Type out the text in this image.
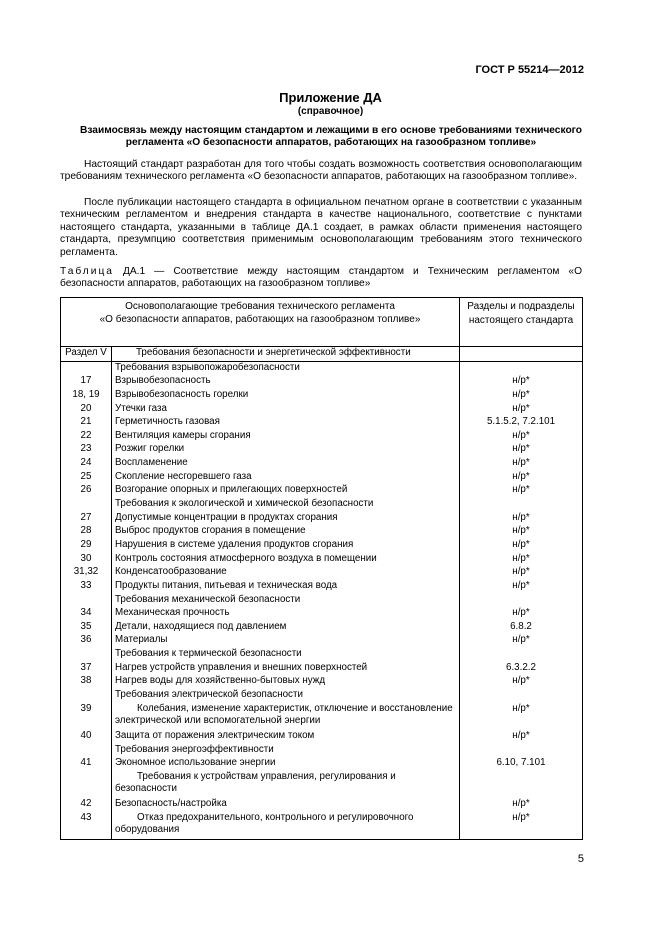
ГОСТ Р 55214—2012
Приложение ДА
(справочное)
Взаимосвязь между настоящим стандартом и лежащими в его основе требованиями технического регламента «О безопасности аппаратов, работающих на газообразном топливе»
Настоящий стандарт разработан для того чтобы создать возможность соответствия основополагающим требованиям технического регламента «О безопасности аппаратов, работающих на газообразном топливе».
После публикации настоящего стандарта в официальном печатном органе в соответствии с указанным техническим регламентом и внедрения стандарта в качестве национального, соответствие с пунктами настоящего стандарта, указанными в таблице ДА.1 создает, в рамках области применения настоящего стандарта, презумпцию соответствия применимым основополагающим требованиям этого технического регламента.
Таблица ДА.1 — Соответствие между настоящим стандартом и Техническим регламентом «О безопасности аппаратов, работающих на газообразном топливе»
Основополагающие требования технического регламента
«О безопасности аппаратов, работающих на газообразном топливе»		Разделы и подразделы настоящего стандарта
Раздел V	Требования безопасности и энергетической эффективности	
	Требования взрывопожаробезопасности	
17	Взрывобезопасность	н/р*
18, 19	Взрывобезопасность горелки	н/р*
20	Утечки газа	н/р*
21	Герметичность газовая	5.1.5.2, 7.2.101
22	Вентиляция камеры сгорания	н/р*
23	Розжиг горелки	н/р*
24	Воспламенение	н/р*
25	Скопление несгоревшего газа	н/р*
26	Возгорание опорных и прилегающих поверхностей	н/р*
	Требования к экологической и химической безопасности	
27	Допустимые концентрации в продуктах сгорания	н/р*
28	Выброс продуктов сгорания в помещение	н/р*
29	Нарушения в системе удаления продуктов сгорания	н/р*
30	Контроль состояния атмосферного воздуха в помещении	н/р*
31,32	Конденсатообразование	н/р*
33	Продукты питания, питьевая и техническая вода	н/р*
	Требования механической безопасности	
34	Механическая прочность	н/р*
35	Детали, находящиеся под давлением	6.8.2
36	Материалы	н/р*
	Требования к термической безопасности	
37	Нагрев устройств управления и внешних поверхностей	6.3.2.2
38	Нагрев воды для хозяйственно-бытовых нужд	н/р*
	Требования электрической безопасности	
39	Колебания, изменение характеристик, отключение и восстановление электрической или вспомогательной энергии	н/р*
40	Защита от поражения электрическим током	н/р*
	Требования энергоэффективности	
41	Экономное использование энергии	6.10, 7.101
	Требования к устройствам управления, регулирования и безопасности	
42	Безопасность/настройка	н/р*
43	Отказ предохранительного, контрольного и регулировочного оборудования	н/р*
5
